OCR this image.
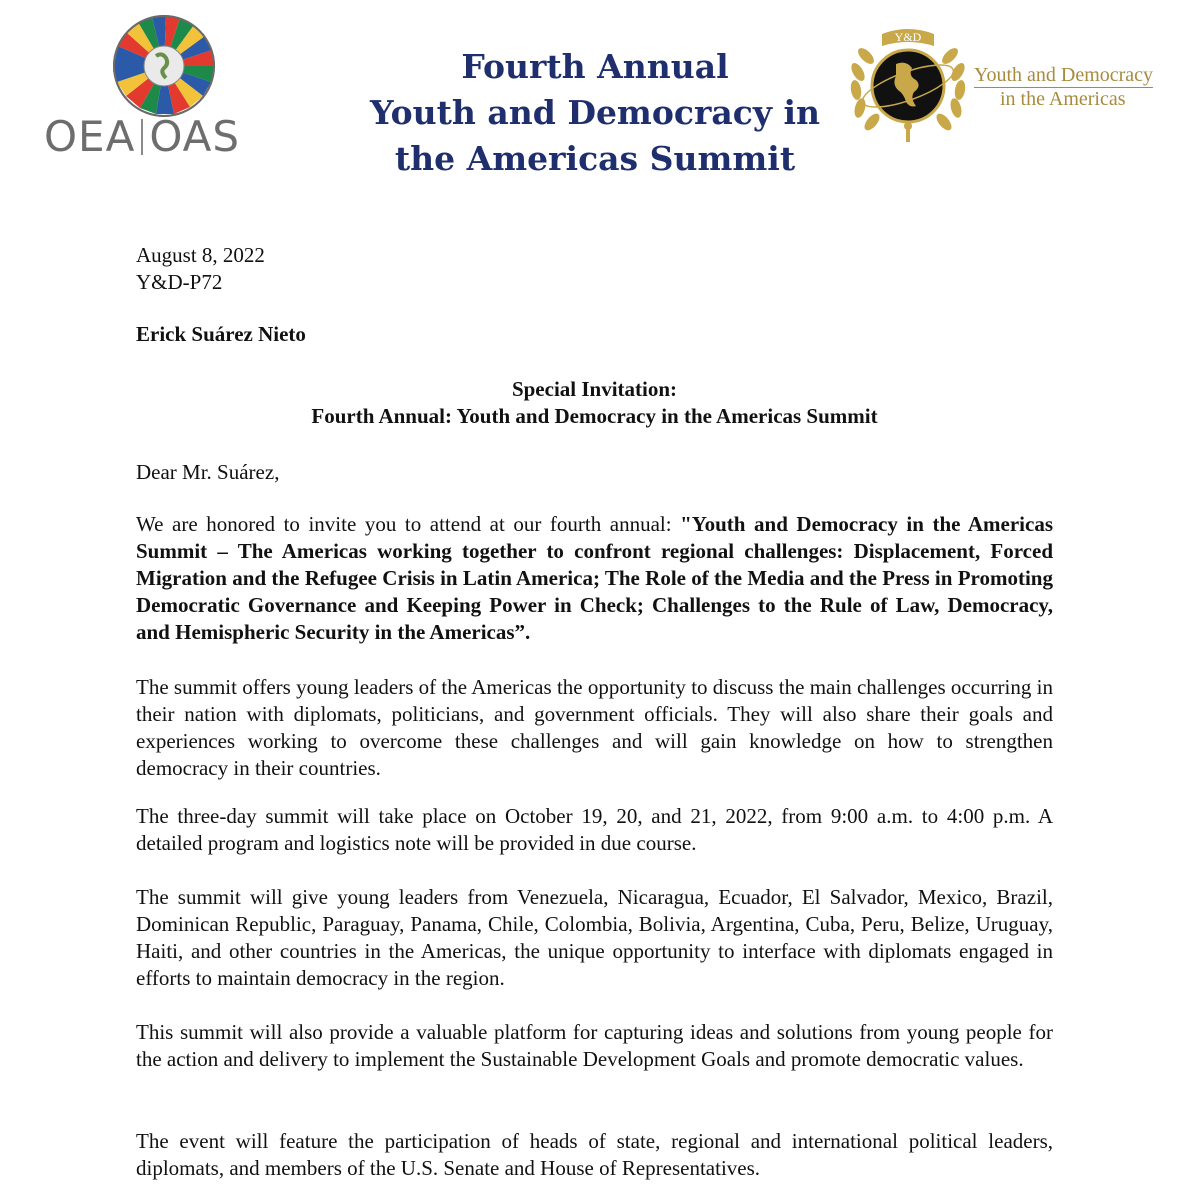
OEA OAS
Fourth Annual
Youth and Democracy in
the Americas Summit
Y&D
Youth and Democracy
in the Americas
August 8, 2022
Y&D-P72
Erick Suárez Nieto
Special Invitation:
Fourth Annual: Youth and Democracy in the Americas Summit
Dear Mr. Suárez,
We are honored to invite you to attend at our fourth annual: "Youth and Democracy in the Americas Summit – The Americas working together to confront regional challenges: Displacement, Forced Migration and the Refugee Crisis in Latin America; The Role of the Media and the Press in Promoting Democratic Governance and Keeping Power in Check; Challenges to the Rule of Law, Democracy, and Hemispheric Security in the Americas”.
The summit offers young leaders of the Americas the opportunity to discuss the main challenges occurring in their nation with diplomats, politicians, and government officials. They will also share their goals and experiences working to overcome these challenges and will gain knowledge on how to strengthen democracy in their countries.
The three-day summit will take place on October 19, 20, and 21, 2022, from 9:00 a.m. to 4:00 p.m. A detailed program and logistics note will be provided in due course.
The summit will give young leaders from Venezuela, Nicaragua, Ecuador, El Salvador, Mexico, Brazil, Dominican Republic, Paraguay, Panama, Chile, Colombia, Bolivia, Argentina, Cuba, Peru, Belize, Uruguay, Haiti, and other countries in the Americas, the unique opportunity to interface with diplomats engaged in efforts to maintain democracy in the region.
This summit will also provide a valuable platform for capturing ideas and solutions from young people for the action and delivery to implement the Sustainable Development Goals and promote democratic values.
The event will feature the participation of heads of state, regional and international political leaders, diplomats, and members of the U.S. Senate and House of Representatives.
